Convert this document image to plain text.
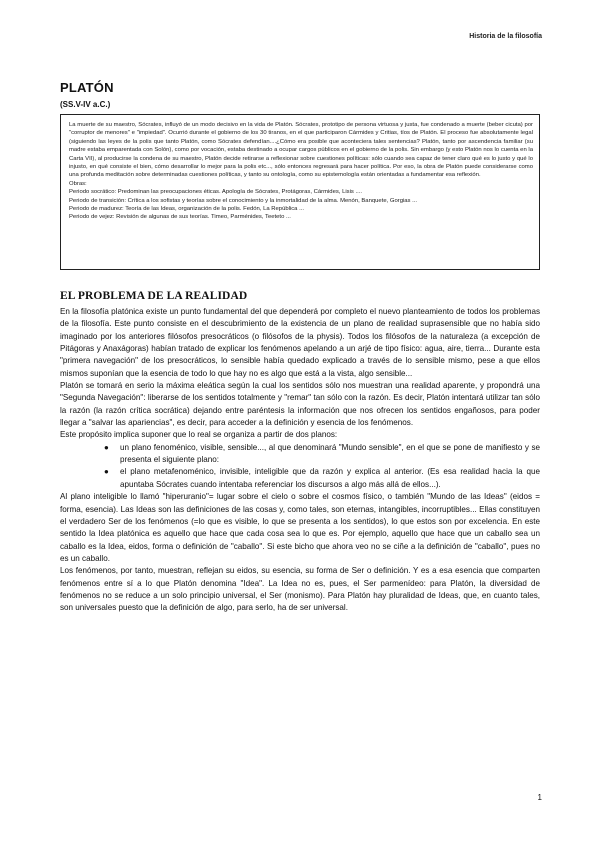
Historia de la filosofía
PLATÓN
(SS.V-IV a.C.)

La muerte de su maestro, Sócrates, influyó de un modo decisivo en la vida de Platón. Sócrates, prototipo de persona virtuosa y justa, fue condenado a muerte (beber cicuta) por "corruptor de menores" e "impiedad". Ocurrió durante el gobierno de los 30 tiranos, en el que participaron Cármides y Critias, tíos de Platón. El proceso fue absolutamente legal (siguiendo las leyes de la polis que tanto Platón, como Sócrates defendían....¿Cómo era posible que aconteciera tales sentencias? Platón, tanto por ascendencia familiar (su madre estaba emparentada con Solón), como por vocación, estaba destinado a ocupar cargos públicos en el gobierno de la polis. Sin embargo (y esto Platón nos lo cuenta en la Carta VII), al producirse la condena de su maestro, Platón decide retirarse a reflexionar sobre cuestiones políticas: sólo cuando sea capaz de tener claro qué es lo justo y qué lo injusto, en qué consiste el bien, cómo desarrollar lo mejor para la polis etc..., sólo entonces regresará para hacer política. Por eso, la obra de Platón puede considerarse como una profunda meditación sobre determinadas cuestiones políticas, y tanto su ontología, como su epistemología están orientadas a fundamentar esa reflexión.

Obras:

Periodo socrático: Predominan las preocupaciones éticas. Apología de Sócrates, Protágoras, Cármides, Lisis ....

Periodo de transición: Crítica a los sofistas y teorías sobre el conocimiento y la inmortalidad de la alma. Menón, Banquete, Gorgias ...

Periodo de madurez: Teoría de las Ideas, organización de la polis. Fedón, La República ...

Periodo de vejez: Revisión de algunas de sus teorías. Timeo, Parménides, Teeteto ...

EL PROBLEMA DE LA REALIDAD

En la filosofía platónica existe un punto fundamental del que dependerá por completo el nuevo planteamiento de todos los problemas de la filosofía. Este punto consiste en el descubrimiento de la existencia de un plano de realidad suprasensible que no había sido imaginado por los anteriores filósofos presocráticos (o filósofos de la physis). Todos los filósofos de la naturaleza (a excepción de Pitágoras y Anaxágoras) habían tratado de explicar los fenómenos apelando a un arjé de tipo físico: agua, aire, tierra... Durante esta "primera navegación" de los presocráticos, lo sensible había quedado explicado a través de lo sensible mismo, pese a que ellos mismos suponían que la esencia de todo lo que hay no es algo que está a la vista, algo sensible...

Platón se tomará en serio la máxima eleática según la cual los sentidos sólo nos muestran una realidad aparente, y propondrá una "Segunda Navegación": liberarse de los sentidos totalmente y "remar" tan sólo con la razón. Es decir, Platón intentará utilizar tan sólo la razón (la razón crítica socrática) dejando entre paréntesis la información que nos ofrecen los sentidos engañosos, para poder llegar a "salvar las apariencias", es decir, para acceder a la definición y esencia de los fenómenos.

Este propósito implica suponer que lo real se organiza a partir de dos planos:

● un plano fenoménico, visible, sensible..., al que denominará "Mundo sensible", en el que se pone de manifiesto y se presenta el siguiente plano:
● el plano metafenoménico, invisible, inteligible que da razón y explica al anterior. (Es esa realidad hacia la que apuntaba Sócrates cuando intentaba referenciar los discursos a algo más allá de ellos...).

Al plano inteligible lo llamó "hiperuranio"= lugar sobre el cielo o sobre el cosmos físico, o también "Mundo de las Ideas" (eidos = forma, esencia). Las Ideas son las definiciones de las cosas y, como tales, son eternas, intangibles, incorruptibles... Ellas constituyen el verdadero Ser de los fenómenos (=lo que es visible, lo que se presenta a los sentidos), lo que estos son por excelencia. En este sentido la Idea platónica es aquello que hace que cada cosa sea lo que es. Por ejemplo, aquello que hace que un caballo sea un caballo es la Idea, eidos, forma o definición de "caballo". Si este bicho que ahora veo no se ciñe a la definición de "caballo", pues no es un caballo.

Los fenómenos, por tanto, muestran, reflejan su eidos, su esencia, su forma de Ser o definición. Y es a esa esencia que comparten fenómenos entre sí a lo que Platón denomina "Idea". La Idea no es, pues, el Ser parmenídeo: para Platón, la diversidad de fenómenos no se reduce a un solo principio universal, el Ser (monismo). Para Platón hay pluralidad de Ideas, que, en cuanto tales, son universales puesto que la definición de algo, para serlo, ha de ser universal.

1
